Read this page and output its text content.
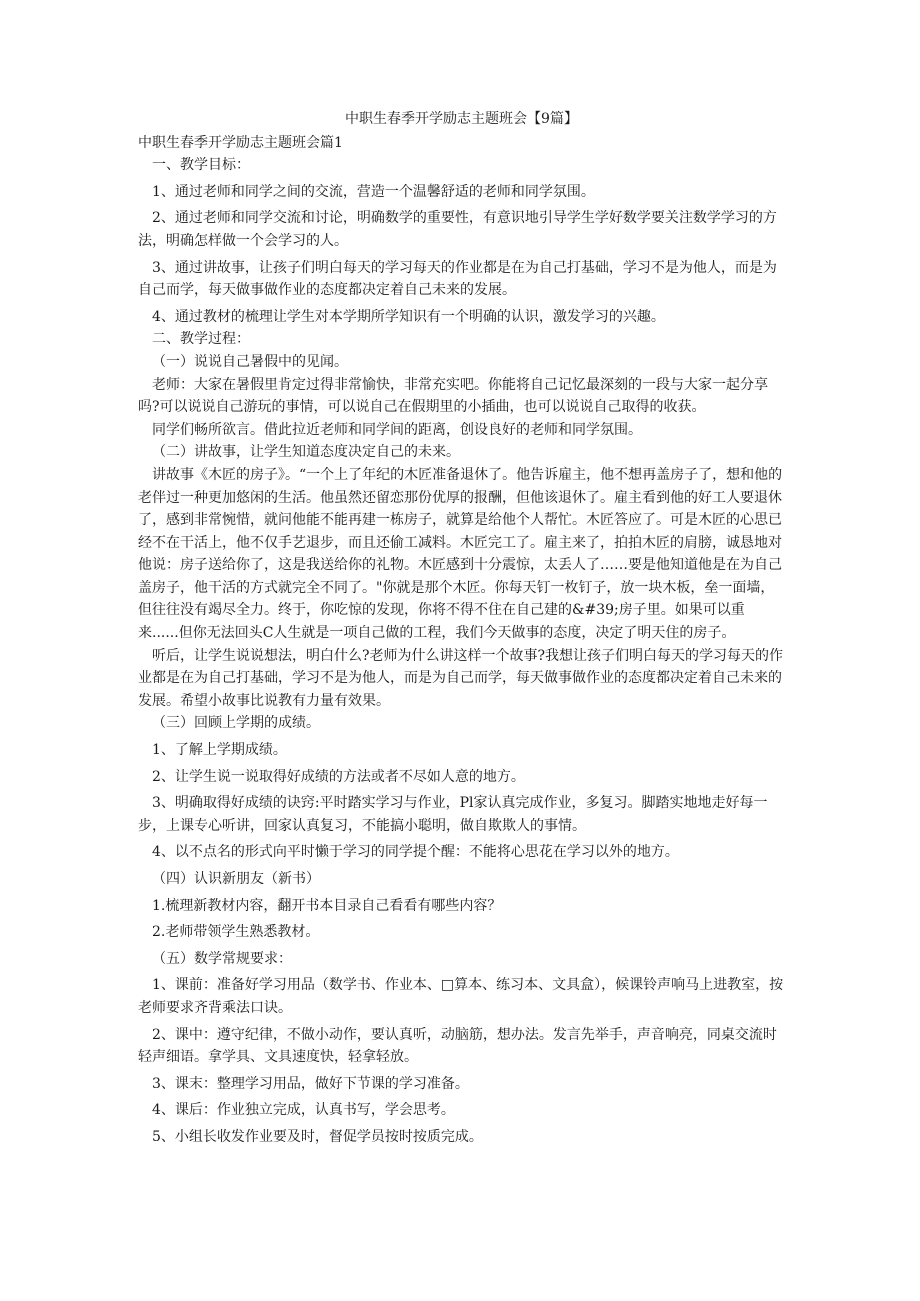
中职生春季开学励志主题班会【9篇】
中职生春季开学励志主题班会篇1
一、教学目标：
1、通过老师和同学之间的交流，营造一个温馨舒适的老师和同学氛围。
2、通过老师和同学交流和讨论，明确数学的重要性，有意识地引导学生学好数学要关注数学学习的方法，明确怎样做一个会学习的人。
3、通过讲故事，让孩子们明白每天的学习每天的作业都是在为自己打基础，学习不是为他人，而是为自己而学，每天做事做作业的态度都决定着自己未来的发展。
4、通过教材的梳理让学生对本学期所学知识有一个明确的认识，激发学习的兴趣。
二、教学过程：
（一）说说自己暑假中的见闻。
老师：大家在暑假里肯定过得非常愉快，非常充实吧。你能将自己记忆最深刻的一段与大家一起分享吗?可以说说自己游玩的事情，可以说自己在假期里的小插曲，也可以说说自己取得的收获。
同学们畅所欲言。借此拉近老师和同学间的距离，创设良好的老师和同学氛围。
（二）讲故事，让学生知道态度决定自己的未来。
讲故事《木匠的房子》。“一个上了年纪的木匠准备退休了。他告诉雇主，他不想再盖房子了，想和他的老伴过一种更加悠闲的生活。他虽然还留恋那份优厚的报酬，但他该退休了。雇主看到他的好工人要退休了，感到非常惋惜，就问他能不能再建一栋房子，就算是给他个人帮忙。木匠答应了。可是木匠的心思已经不在干活上，他不仅手艺退步，而且还偷工减料。木匠完工了。雇主来了，拍拍木匠的肩膀，诚恳地对他说：房子送给你了，这是我送给你的礼物。木匠感到十分震惊，太丢人了……要是他知道他是在为自己盖房子，他干活的方式就完全不同了。"你就是那个木匠。你每天钉一枚钉子，放一块木板，垒一面墙，但往往没有竭尽全力。终于，你吃惊的发现，你将不得不住在自己建的&#39;房子里。如果可以重来......但你无法回头C人生就是一项自己做的工程，我们今天做事的态度，决定了明天住的房子。
听后，让学生说说想法，明白什么?老师为什么讲这样一个故事?我想让孩子们明白每天的学习每天的作业都是在为自己打基础，学习不是为他人，而是为自己而学，每天做事做作业的态度都决定着自己未来的发展。希望小故事比说教有力量有效果。
（三）回顾上学期的成绩。
1、了解上学期成绩。
2、让学生说一说取得好成绩的方法或者不尽如人意的地方。
3、明确取得好成绩的诀窍:平时踏实学习与作业，Pl家认真完成作业，多复习。脚踏实地地走好每一步，上课专心听讲，回家认真复习，不能搞小聪明，做自欺欺人的事情。
4、以不点名的形式向平时懒于学习的同学提个醒：不能将心思花在学习以外的地方。
（四）认识新朋友（新书）
1.梳理新教材内容，翻开书本目录自己看看有哪些内容？
2.老师带领学生熟悉教材。
（五）数学常规要求：
1、课前：准备好学习用品（数学书、作业本、□算本、练习本、文具盒），候课铃声响马上进教室，按老师要求齐背乘法口诀。
2、课中：遵守纪律，不做小动作，要认真听，动脑筋，想办法。发言先举手，声音响亮，同桌交流时轻声细语。拿学具、文具速度快，轻拿轻放。
3、课末：整理学习用品，做好下节课的学习准备。
4、课后：作业独立完成，认真书写，学会思考。
5、小组长收发作业要及时，督促学员按时按质完成。
